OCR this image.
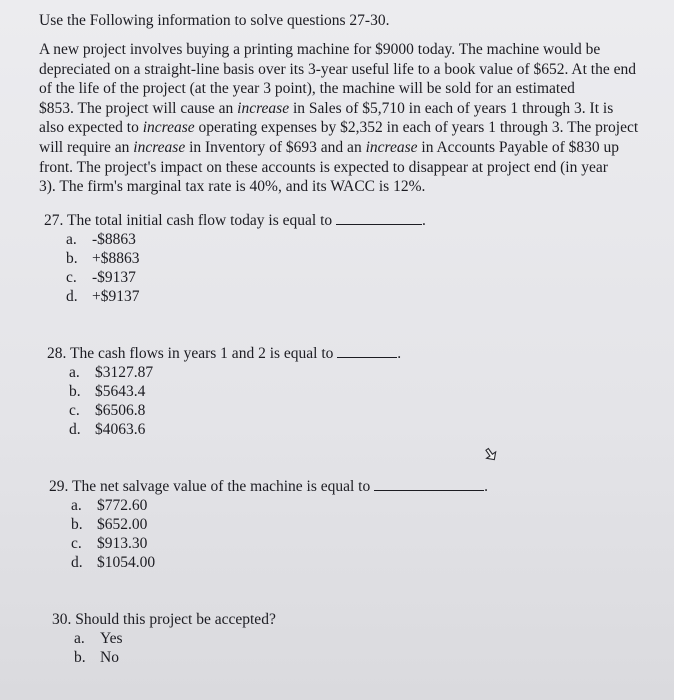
Use the Following information to solve questions 27-30.
A new project involves buying a printing machine for $9000 today. The machine would be
depreciated on a straight-line basis over its 3-year useful life to a book value of $652. At the end
of the life of the project (at the year 3 point), the machine will be sold for an estimated
$853. The project will cause an increase in Sales of $5,710 in each of years 1 through 3. It is
also expected to increase operating expenses by $2,352 in each of years 1 through 3. The project
will require an increase in Inventory of $693 and an increase in Accounts Payable of $830 up
front. The project's impact on these accounts is expected to disappear at project end (in year
3). The firm's marginal tax rate is 40%, and its WACC is 12%.
27. The total initial cash flow today is equal to	.
a. -$8863
b. +$8863
c. -$9137
d. +$9137
28. The cash flows in years 1 and 2 is equal to	.
a. $3127.87
b. $5643.4
c. $6506.8
d. $4063.6
29. The net salvage value of the machine is equal to	.
a. $772.60
b. $652.00
c. $913.30
d. $1054.00
30. Should this project be accepted?
a. Yes
b. No
